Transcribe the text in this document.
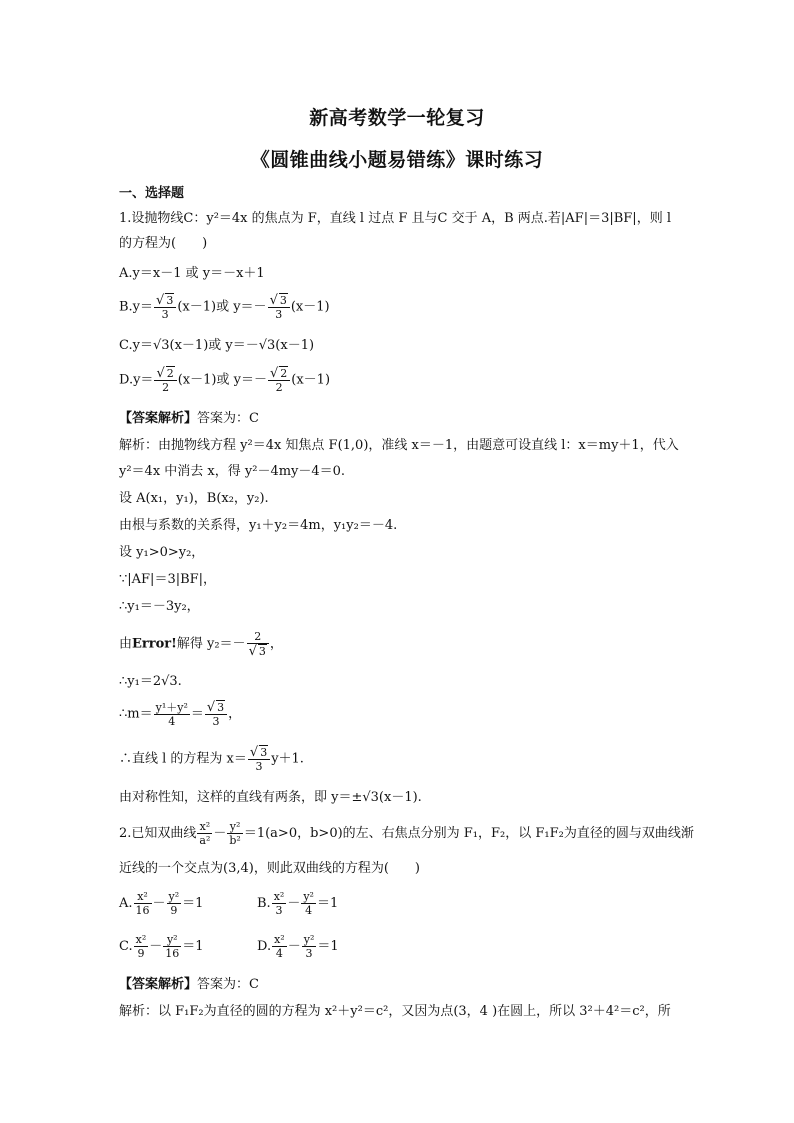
新高考数学一轮复习
《圆锥曲线小题易错练》课时练习
一、选择题
1.设抛物线C：y²＝4x 的焦点为 F，直线 l 过点 F 且与C 交于 A，B 两点.若|AF|＝3|BF|，则 l
的方程为(　　)
A.y＝x－1 或 y＝－x＋1
$B.y= \frac{√ 3}{3} (x-1)$或 $y=- \frac{√ 3}{3} (x-1)$
C.y＝√3(x－1)或 y＝－√3(x－1)
$D.y= \frac{√ 2}{2} (x-1)$或 $y=- \frac{√ 2}{2} (x-1)$
【答案解析】答案为：C
解析：由抛物线方程 y²＝4x 知焦点 F(1,0)，准线 x＝－1，由题意可设直线 l：x＝my＋1，代入
y²＝4x 中消去 x，得 y²－4my－4＝0.
设 A(x₁，y₁)，B(x₂，y₂).
由根与系数的关系得，y₁＋y₂＝4m，y₁y₂＝－4.
设 y₁>0>y₂，
∵|AF|＝3|BF|，
∴y₁＝－3y₂，
由Error!解得 $y_2=- \frac{2}{√ 3}$ ，
∴y₁＝2√3.
∴m＝ $\frac{\text{y¹＋y²}}{4} = \frac{√ 3}{3}$ ，
∴直线 l 的方程为 $x= \frac{√ 3}{3} y+1$.
由对称性知，这样的直线有两条，即 y＝±√3(x－1).
2.已知双曲线 $\frac{\text{x²}}{\text{a²}} - \frac{\text{y²}}{\text{b²}} =1(a>0$，b>0)的左、右焦点分别为 F₁，F₂，以 F₁F₂为直径的圆与双曲线渐
近线的一个交点为(3,4)，则此双曲线的方程为(　　)
A. $\frac{\text{x²}}{16} - \frac{\text{y²}}{9} =1$	B. $\frac{\text{x²}}{3} - \frac{\text{y²}}{4} =1$
C. $\frac{\text{x²}}{9} - \frac{\text{y²}}{16} =1$	D. $\frac{\text{x²}}{4} - \frac{\text{y²}}{3} =1$
【答案解析】答案为：C
解析：以 F₁F₂为直径的圆的方程为 x²＋y²＝c²，又因为点(3，4 )在圆上，所以 3²＋4²＝c²，所
